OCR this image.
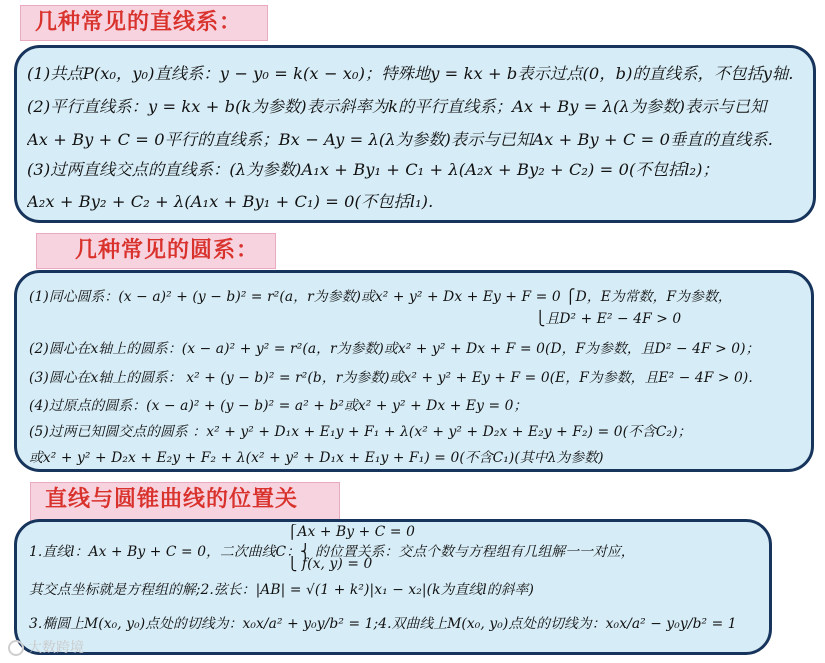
几种常见的直线系：
(1)共点P(x₀，y₀)直线系：y − y₀ = k(x − x₀)；特殊地y = kx + b表示过点(0，b)的直线系，不包括y轴.
(2)平行直线系：y = kx + b(k为参数)表示斜率为k的平行直线系；Ax + By = λ(λ为参数)表示与已知
Ax + By + C = 0平行的直线系；Bx − Ay = λ(λ为参数)表示与已知Ax + By + C = 0垂直的直线系.
(3)过两直线交点的直线系：(λ为参数)A₁x + By₁ + C₁ + λ(A₂x + By₂ + C₂) = 0(不包括l₂)；
A₂x + By₂ + C₂ + λ(A₁x + By₁ + C₁) = 0(不包括l₁).
几种常见的圆系：
(1)同心圆系：(x − a)² + (y − b)² = r²(a，r为参数)或x² + y² + Dx + Ey + F = 0 ⎧D，E为常数，F为参数，
⎩且D² + E² − 4F > 0
(2)圆心在x轴上的圆系：(x − a)² + y² = r²(a，r为参数)或x² + y² + Dx + F = 0(D，F为参数，且D² − 4F > 0)；
(3)圆心在x轴上的圆系： x² + (y − b)² = r²(b，r为参数)或x² + y² + Ey + F = 0(E，F为参数，且E² − 4F > 0).
(4)过原点的圆系：(x − a)² + (y − b)² = a² + b²或x² + y² + Dx + Ey = 0；
(5)过两已知圆交点的圆系 ：x² + y² + D₁x + E₁y + F₁ + λ(x² + y² + D₂x + E₂y + F₂) = 0(不含C₂)；
或x² + y² + D₂x + E₂y + F₂ + λ(x² + y² + D₁x + E₁y + F₁) = 0(不含C₁)(其中λ为参数)
直线与圆锥曲线的位置关
⎧Ax + By + C = 0
1.直线l：Ax + By + C = 0，二次曲线C：⎨ 的位置关系：交点个数与方程组有几组解一一对应，
⎩ f(x, y) = 0
其交点坐标就是方程组的解;2.弦长：|AB| = √(1 + k²)|x₁ − x₂|(k为直线l的斜率)
3.椭圆上M(x₀, y₀)点处的切线为：x₀x/a² + y₀y/b² = 1;4.双曲线上M(x₀, y₀)点处的切线为：x₀x/a² − y₀y/b² = 1
大数跨境
